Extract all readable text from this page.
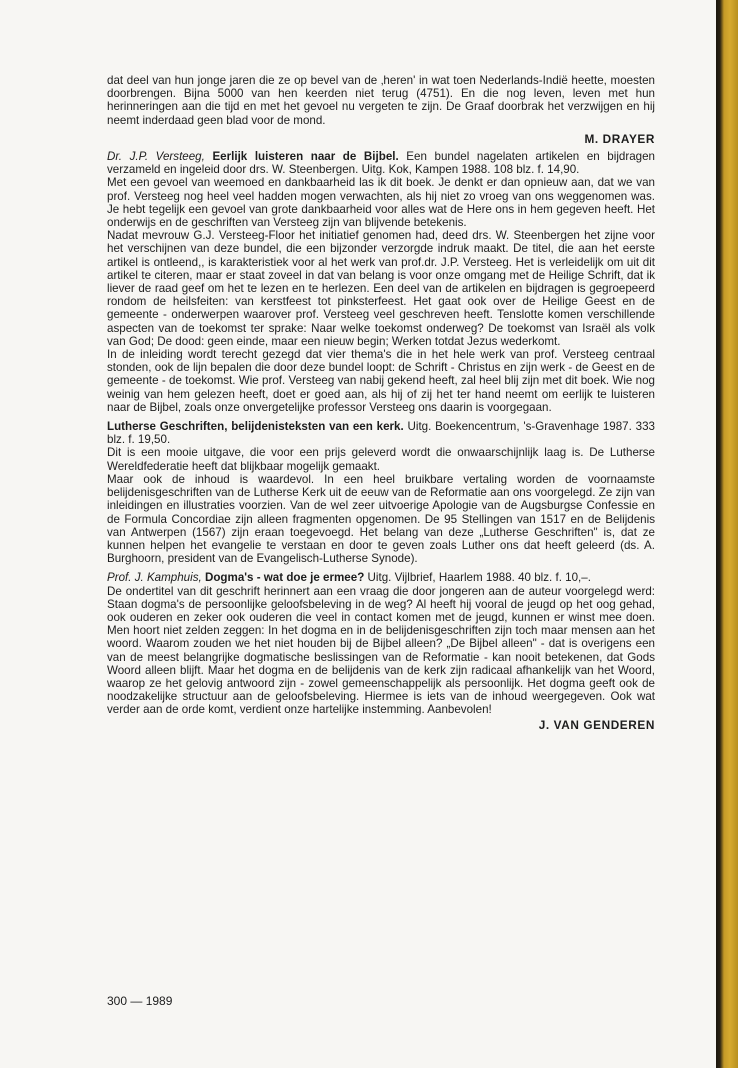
dat deel van hun jonge jaren die ze op bevel van de ‚heren' in wat toen Nederlands-Indië heette, moesten doorbrengen. Bijna 5000 van hen keerden niet terug (4751). En die nog leven, leven met hun herinneringen aan die tijd en met het gevoel nu vergeten te zijn. De Graaf doorbrak het verzwijgen en hij neemt inderdaad geen blad voor de mond.

M. DRAYER

Dr. J.P. Versteeg, Eerlijk luisteren naar de Bijbel. Een bundel nagelaten artikelen en bijdragen verzameld en ingeleid door drs. W. Steenbergen. Uitg. Kok, Kampen 1988. 108 blz. f. 14,90.

Met een gevoel van weemoed en dankbaarheid las ik dit boek. Je denkt er dan opnieuw aan, dat we van prof. Versteeg nog heel veel hadden mogen verwachten, als hij niet zo vroeg van ons weggenomen was. Je hebt tegelijk een gevoel van grote dankbaarheid voor alles wat de Here ons in hem gegeven heeft. Het onderwijs en de geschriften van Versteeg zijn van blijvende betekenis.

Nadat mevrouw G.J. Versteeg-Floor het initiatief genomen had, deed drs. W. Steenbergen het zijne voor het verschijnen van deze bundel, die een bijzonder verzorgde indruk maakt. De titel, die aan het eerste artikel is ontleend,, is karakteristiek voor al het werk van prof.dr. J.P. Versteeg. Het is verleidelijk om uit dit artikel te citeren, maar er staat zoveel in dat van belang is voor onze omgang met de Heilige Schrift, dat ik liever de raad geef om het te lezen en te herlezen. Een deel van de artikelen en bijdragen is gegroepeerd rondom de heilsfeiten: van kerstfeest tot pinksterfeest. Het gaat ook over de Heilige Geest en de gemeente - onderwerpen waarover prof. Versteeg veel geschreven heeft. Tenslotte komen verschillende aspecten van de toekomst ter sprake: Naar welke toekomst onderweg? De toekomst van Israël als volk van God; De dood: geen einde, maar een nieuw begin; Werken totdat Jezus wederkomt.

In de inleiding wordt terecht gezegd dat vier thema's die in het hele werk van prof. Versteeg centraal stonden, ook de lijn bepalen die door deze bundel loopt: de Schrift - Christus en zijn werk - de Geest en de gemeente - de toekomst. Wie prof. Versteeg van nabij gekend heeft, zal heel blij zijn met dit boek. Wie nog weinig van hem gelezen heeft, doet er goed aan, als hij of zij het ter hand neemt om eerlijk te luisteren naar de Bijbel, zoals onze onvergetelijke professor Versteeg ons daarin is voorgegaan.

Lutherse Geschriften, belijdenisteksten van een kerk. Uitg. Boekencentrum, 's-Gravenhage 1987. 333 blz. f. 19,50.

Dit is een mooie uitgave, die voor een prijs geleverd wordt die onwaarschijnlijk laag is. De Lutherse Wereldfederatie heeft dat blijkbaar mogelijk gemaakt.

Maar ook de inhoud is waardevol. In een heel bruikbare vertaling worden de voornaamste belijdenisgeschriften van de Lutherse Kerk uit de eeuw van de Reformatie aan ons voorgelegd. Ze zijn van inleidingen en illustraties voorzien. Van de wel zeer uitvoerige Apologie van de Augsburgse Confessie en de Formula Concordiae zijn alleen fragmenten opgenomen. De 95 Stellingen van 1517 en de Belijdenis van Antwerpen (1567) zijn eraan toegevoegd. Het belang van deze „Lutherse Geschriften" is, dat ze kunnen helpen het evangelie te verstaan en door te geven zoals Luther ons dat heeft geleerd (ds. A. Burghoorn, president van de Evangelisch-Lutherse Synode).

Prof. J. Kamphuis, Dogma's - wat doe je ermee? Uitg. Vijlbrief, Haarlem 1988. 40 blz. f. 10,–.

De ondertitel van dit geschrift herinnert aan een vraag die door jongeren aan de auteur voorgelegd werd: Staan dogma's de persoonlijke geloofsbeleving in de weg? Al heeft hij vooral de jeugd op het oog gehad, ook ouderen en zeker ook ouderen die veel in contact komen met de jeugd, kunnen er winst mee doen. Men hoort niet zelden zeggen: In het dogma en in de belijdenisgeschriften zijn toch maar mensen aan het woord. Waarom zouden we het niet houden bij de Bijbel alleen? „De Bijbel alleen" - dat is overigens een van de meest belangrijke dogmatische beslissingen van de Reformatie - kan nooit betekenen, dat Gods Woord alleen blijft. Maar het dogma en de belijdenis van de kerk zijn radicaal afhankelijk van het Woord, waarop ze het gelovig antwoord zijn - zowel gemeenschappelijk als persoonlijk. Het dogma geeft ook de noodzakelijke structuur aan de geloofsbeleving. Hiermee is iets van de inhoud weergegeven. Ook wat verder aan de orde komt, verdient onze hartelijke instemming. Aanbevolen!

J. VAN GENDEREN
300 — 1989
